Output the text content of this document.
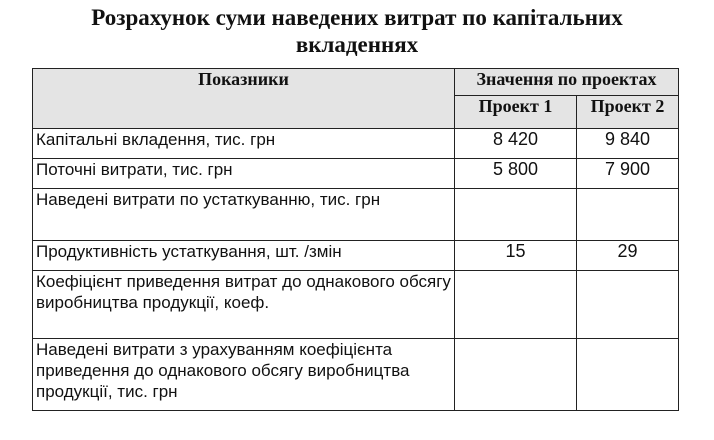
Розрахунок суми наведених витрат по капітальних
вкладеннях
Показники	Значення по проектах	
	Проект 1	Проект 2
Капітальні вкладення, тис. грн	8 420	9 840
Поточні витрати, тис. грн	5 800	7 900
Наведені витрати по устаткуванню, тис. грн		
Продуктивність устаткування, шт. /змін	15	29
Коефіцієнт приведення витрат до однакового обсягу виробництва продукції, коеф.		
Наведені витрати з урахуванням коефіцієнта приведення до однакового обсягу виробництва продукції, тис. грн		
